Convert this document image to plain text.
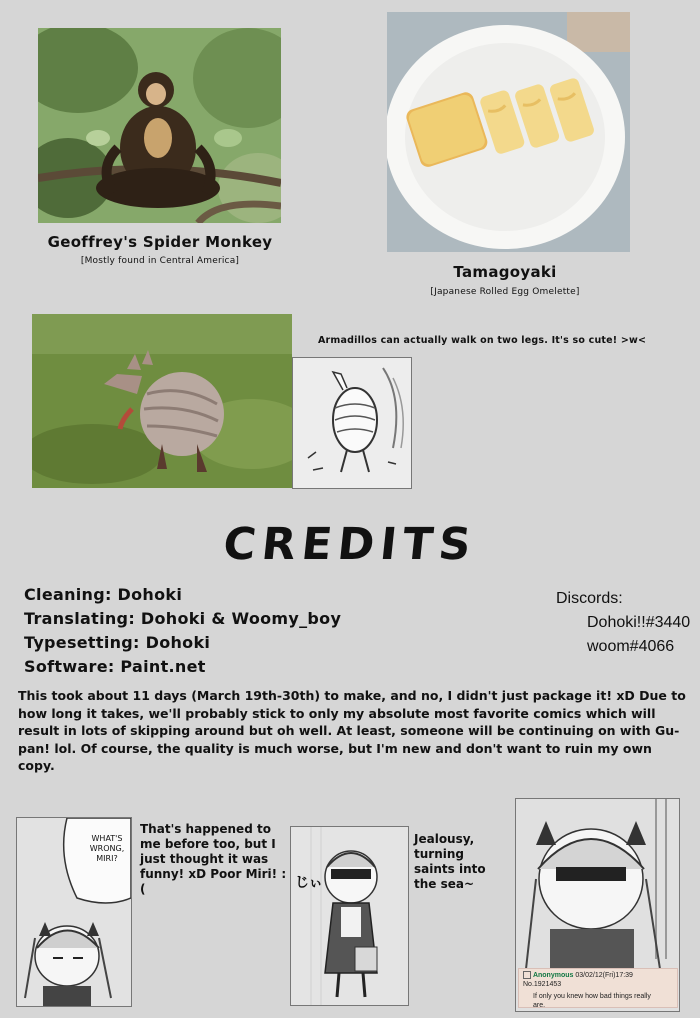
Geoffrey's Spider Monkey
[Mostly found in Central America]
Tamagoyaki
[Japanese Rolled Egg Omelette]
Armadillos can actually walk on two legs. It's so cute! >w<
CREDITS
Cleaning: Dohoki
Translating: Dohoki & Woomy_boy
Typesetting: Dohoki
Software: Paint.net
Discords:
Dohoki!!#3440
woom#4066
This took about 11 days (March 19th-30th) to make, and no, I didn't just package it! xD Due to how long it takes, we'll probably stick to only my absolute most favorite comics which will result in lots of skipping around but oh well. At least, someone will be continuing on with Gu-pan! lol. Of course, the quality is much worse, but I'm new and don't want to ruin my own copy.
WHAT'S WRONG, MIRI?
That's happened to me before too, but I just thought it was funny! xD Poor Miri! :(	じぃ
Jealousy, turning saints into the sea~
Anonymous 03/02/12(Fri)17:39 No.1921453
If only you knew how bad things really are.
